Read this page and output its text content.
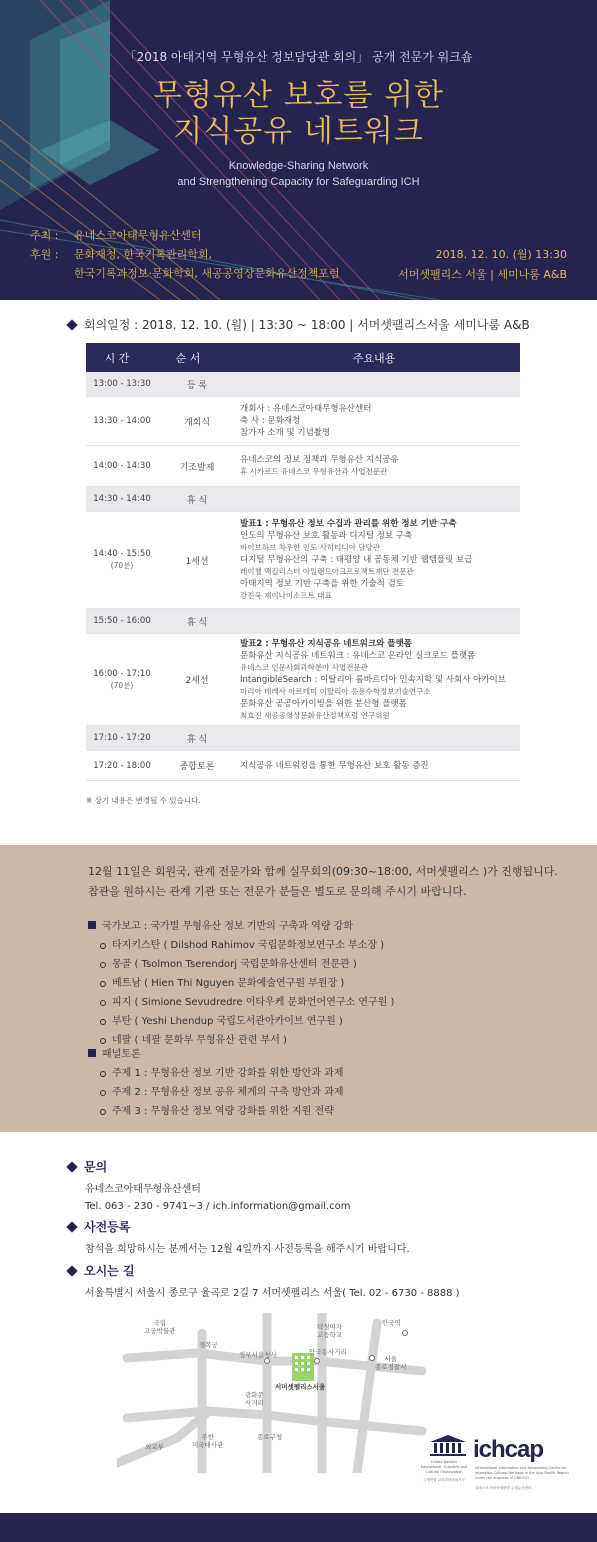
「2018 아태지역 무형유산 정보담당관 회의」 공개 전문가 워크숍
무형유산 보호를 위한
지식공유 네트워크
Knowledge-Sharing Network
and Strengthening Capacity for Safeguarding ICH
주최 :	유네스코아태무형유산센터
후원 :	문화재청, 한국기록관리학회,
한국기록과정보·문화학회, 새공공영상문화유산정책포럼
2018. 12. 10. (월) 13:30
서머셋팰리스 서울 | 세미나룸 A&B
회의일정 : 2018. 12. 10. (월) | 13:30 ~ 18:00 | 서머셋팰리스서울 세미나룸 A&B
시 간	순 서	주요내용
13:00 - 13:30	등 록
13:30 - 14:00	개회식
개회사 : 유네스코아태무형유산센터
축 사 : 문화재청
참가자 소개 및 기념촬영
14:00 - 14:30	기조발제
유네스코의 정보 정책과 무형유산 지식공유
휴 시카르드 유네스코 무형유산과 사업전문관
14:30 - 14:40	휴 식
14:40 - 15:50
(70분)	1세션
발표1 : 무형유산 정보 수집과 관리를 위한 정보 기반 구축
인도의 무형유산 보호 활동과 디지털 정보 구축
바이브하브 차우한 인도 사히티디아 담당관
디지털 무형유산의 구축 : 태평양 내 공동체 기반 웹템플릿 보급
레이첼 맥길리스터 아일랜드아크프로젝트재단 전문관
아태지역 정보 기반 구축을 위한 기술적 검토
강진욱 제이나이소프트 대표
15:50 - 16:00	휴 식
16:00 - 17:10
(70분)	2세션
발표2 : 무형유산 지식공유 네트워크와 플랫폼
문화유산 지식공유 네트워크 : 유네스코 온라인 실크로드 플랫폼
유네스코 인문사회과학분야 사업전문관
IntangibleSearch : 이탈리아 롬바르디아 민속지학 및 사회사 아카이브
마리아 테레사 아르테미 이탈리아 응용수학정보기술연구소
문화유산 공공아카이빙을 위한 분산형 플랫폼
최효진 새공공영상문화유산정책포럼 연구위원
17:10 - 17:20	휴 식
17:20 - 18:00	종합토론	지식공유 네트워킹을 통한 무형유산 보호 활동 증진
※ 상기 내용은 변경될 수 있습니다.
12월 11일은 회원국, 관계 전문가와 함께 실무회의(09:30~18:00, 서머셋팰리스 )가 진행됩니다.
참관을 원하시는 관계 기관 또는 전문가 분들은 별도로 문의해 주시기 바랍니다.
국가보고 : 국가별 무형유산 정보 기반의 구축과 역량 강화
타지키스탄 ( Dilshod Rahimov 국립문화정보연구소 부소장 )
몽골 ( Tsolmon Tserendorj 국립문화유산센터 전문관 )
베트남 ( Hien Thi Nguyen 문화예술연구원 부원장 )
피지 ( Simione Sevudredre 이타우케 문화언어연구소 연구원 )
부탄 ( Yeshi Lhendup 국립도서관아카이브 연구원 )
네팔 ( 네팔 문화부 무형유산 관련 부서 )
패널토론
주제 1 : 무형유산 정보 기반 강화를 위한 방안과 과제
주제 2 : 무형유산 정보 공유 체계의 구축 방안과 과제
주제 3 : 무형유산 정보 역량 강화를 위한 지원 전략
문의
유네스코아태무형유산센터
Tel. 063 - 230 - 9741~3 / ich.information@gmail.com
사전등록
참석을 희망하시는 분께서는 12월 4일까지 사전등록을 해주시기 바랍니다.
오시는 길
서울특별시 서울시 종로구 율곡로 2길 7 서머셋팰리스 서울( Tel. 02 - 6730 - 8888 )
국립
고궁박물관
경복궁
안국역
덕성여자
고등학교
안국동사거리
서울
종로경찰서
정부서울청사
서머셋팰리스서울
광화문
사거리
주한
미국대사관
종로구청
외교부	ichcap
United Nations Educational, Scientific and Cultural Organization
국제연합 교육과학문화기구
International Information and Networking Centre for Intangible Cultural Heritage in the Asia-Pacific Region under the auspices of UNESCO
유네스코 아시아태평양 무형유산센터
